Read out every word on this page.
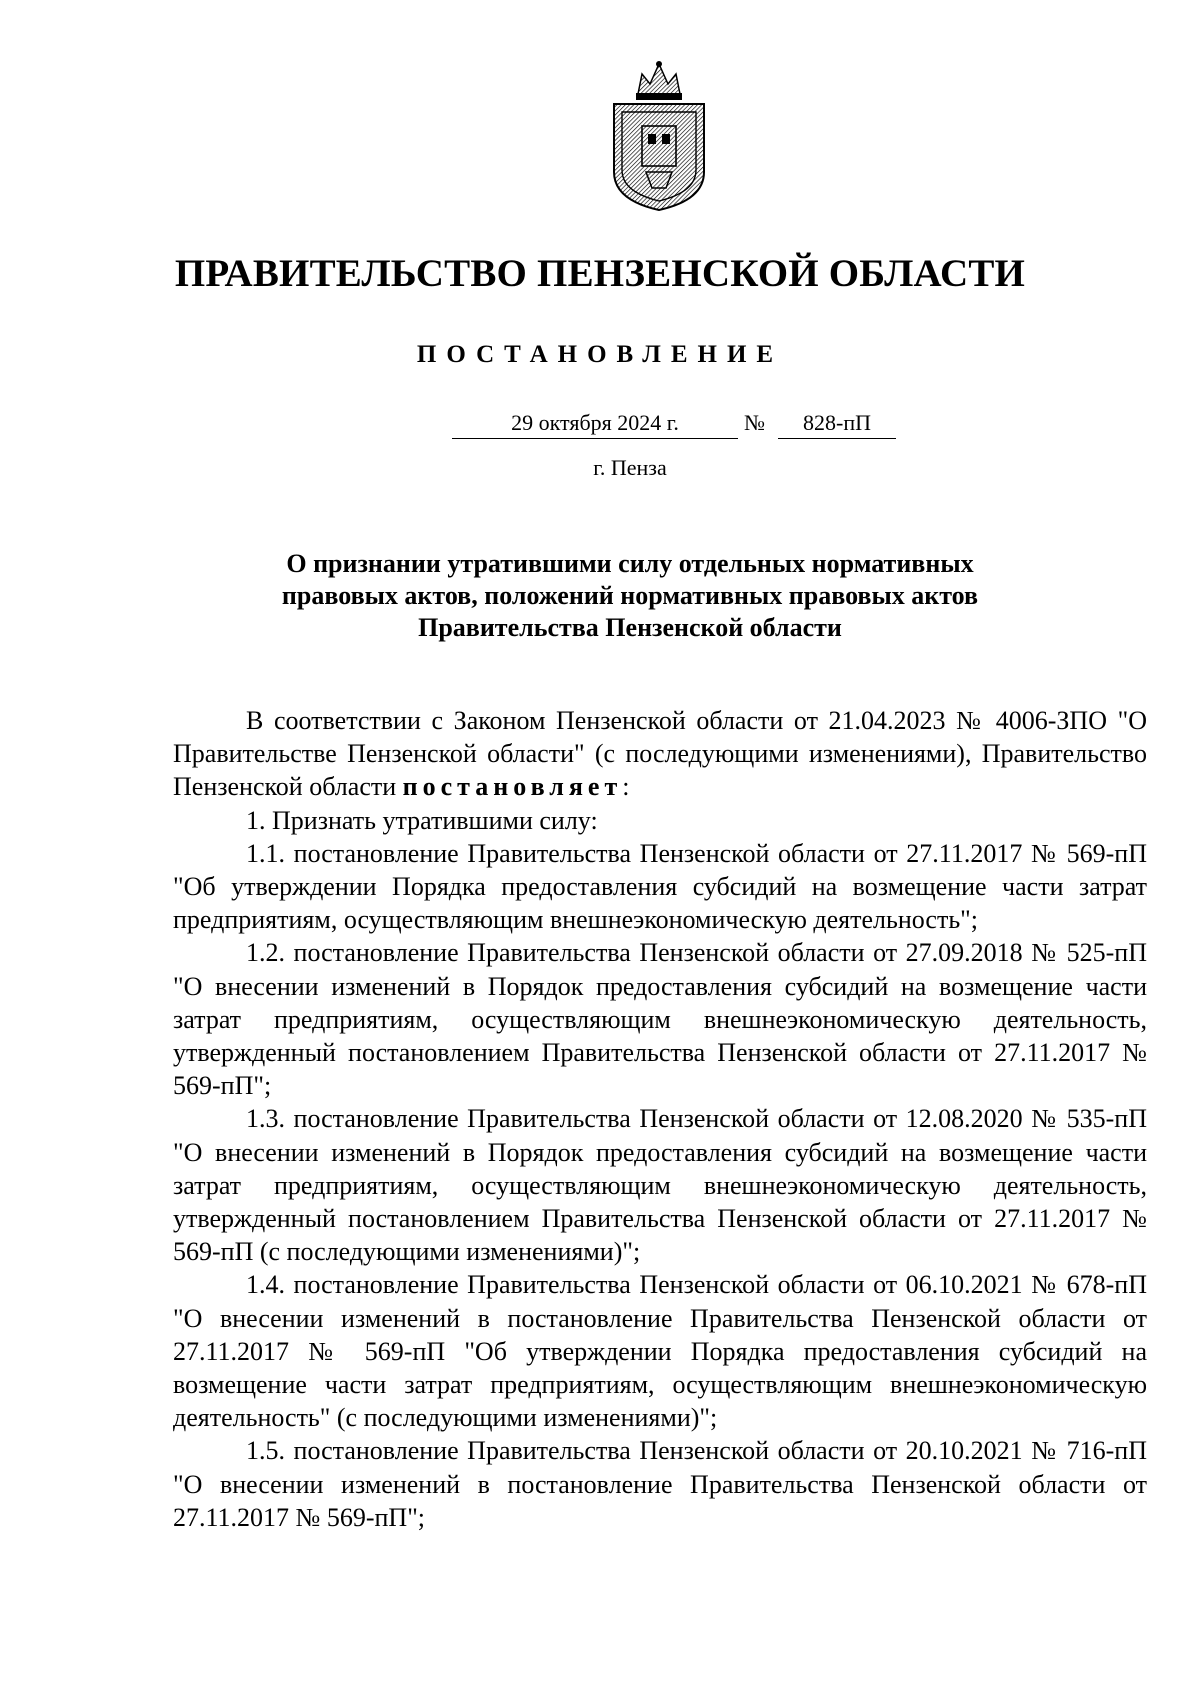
ПРАВИТЕЛЬСТВО ПЕНЗЕНСКОЙ ОБЛАСТИ
ПОСТАНОВЛЕНИЕ
29 октября 2024 г.	№	828-пП
г. Пенза
О признании утратившими силу отдельных нормативных
правовых актов, положений нормативных правовых актов
Правительства Пензенской области

В соответствии с Законом Пензенской области от 21.04.2023 № 4006-ЗПО "О Правительстве Пензенской области" (с последующими изменениями), Правительство Пензенской области постановляет:

1. Признать утратившими силу:

1.1. постановление Правительства Пензенской области от 27.11.2017 № 569-пП "Об утверждении Порядка предоставления субсидий на возмещение части затрат предприятиям, осуществляющим внешнеэкономическую деятельность";

1.2. постановление Правительства Пензенской области от 27.09.2018 № 525-пП "О внесении изменений в Порядок предоставления субсидий на возмещение части затрат предприятиям, осуществляющим внешнеэкономическую деятельность, утвержденный постановлением Правительства Пензенской области от 27.11.2017 № 569-пП";

1.3. постановление Правительства Пензенской области от 12.08.2020 № 535-пП "О внесении изменений в Порядок предоставления субсидий на возмещение части затрат предприятиям, осуществляющим внешнеэкономическую деятельность, утвержденный постановлением Правительства Пензенской области от 27.11.2017 № 569-пП (с последующими изменениями)";

1.4. постановление Правительства Пензенской области от 06.10.2021 № 678-пП "О внесении изменений в постановление Правительства Пензенской области от 27.11.2017 № 569-пП "Об утверждении Порядка предоставления субсидий на возмещение части затрат предприятиям, осуществляющим внешнеэкономическую деятельность" (с последующими изменениями)";

1.5. постановление Правительства Пензенской области от 20.10.2021 № 716-пП "О внесении изменений в постановление Правительства Пензенской области от 27.11.2017 № 569-пП";
